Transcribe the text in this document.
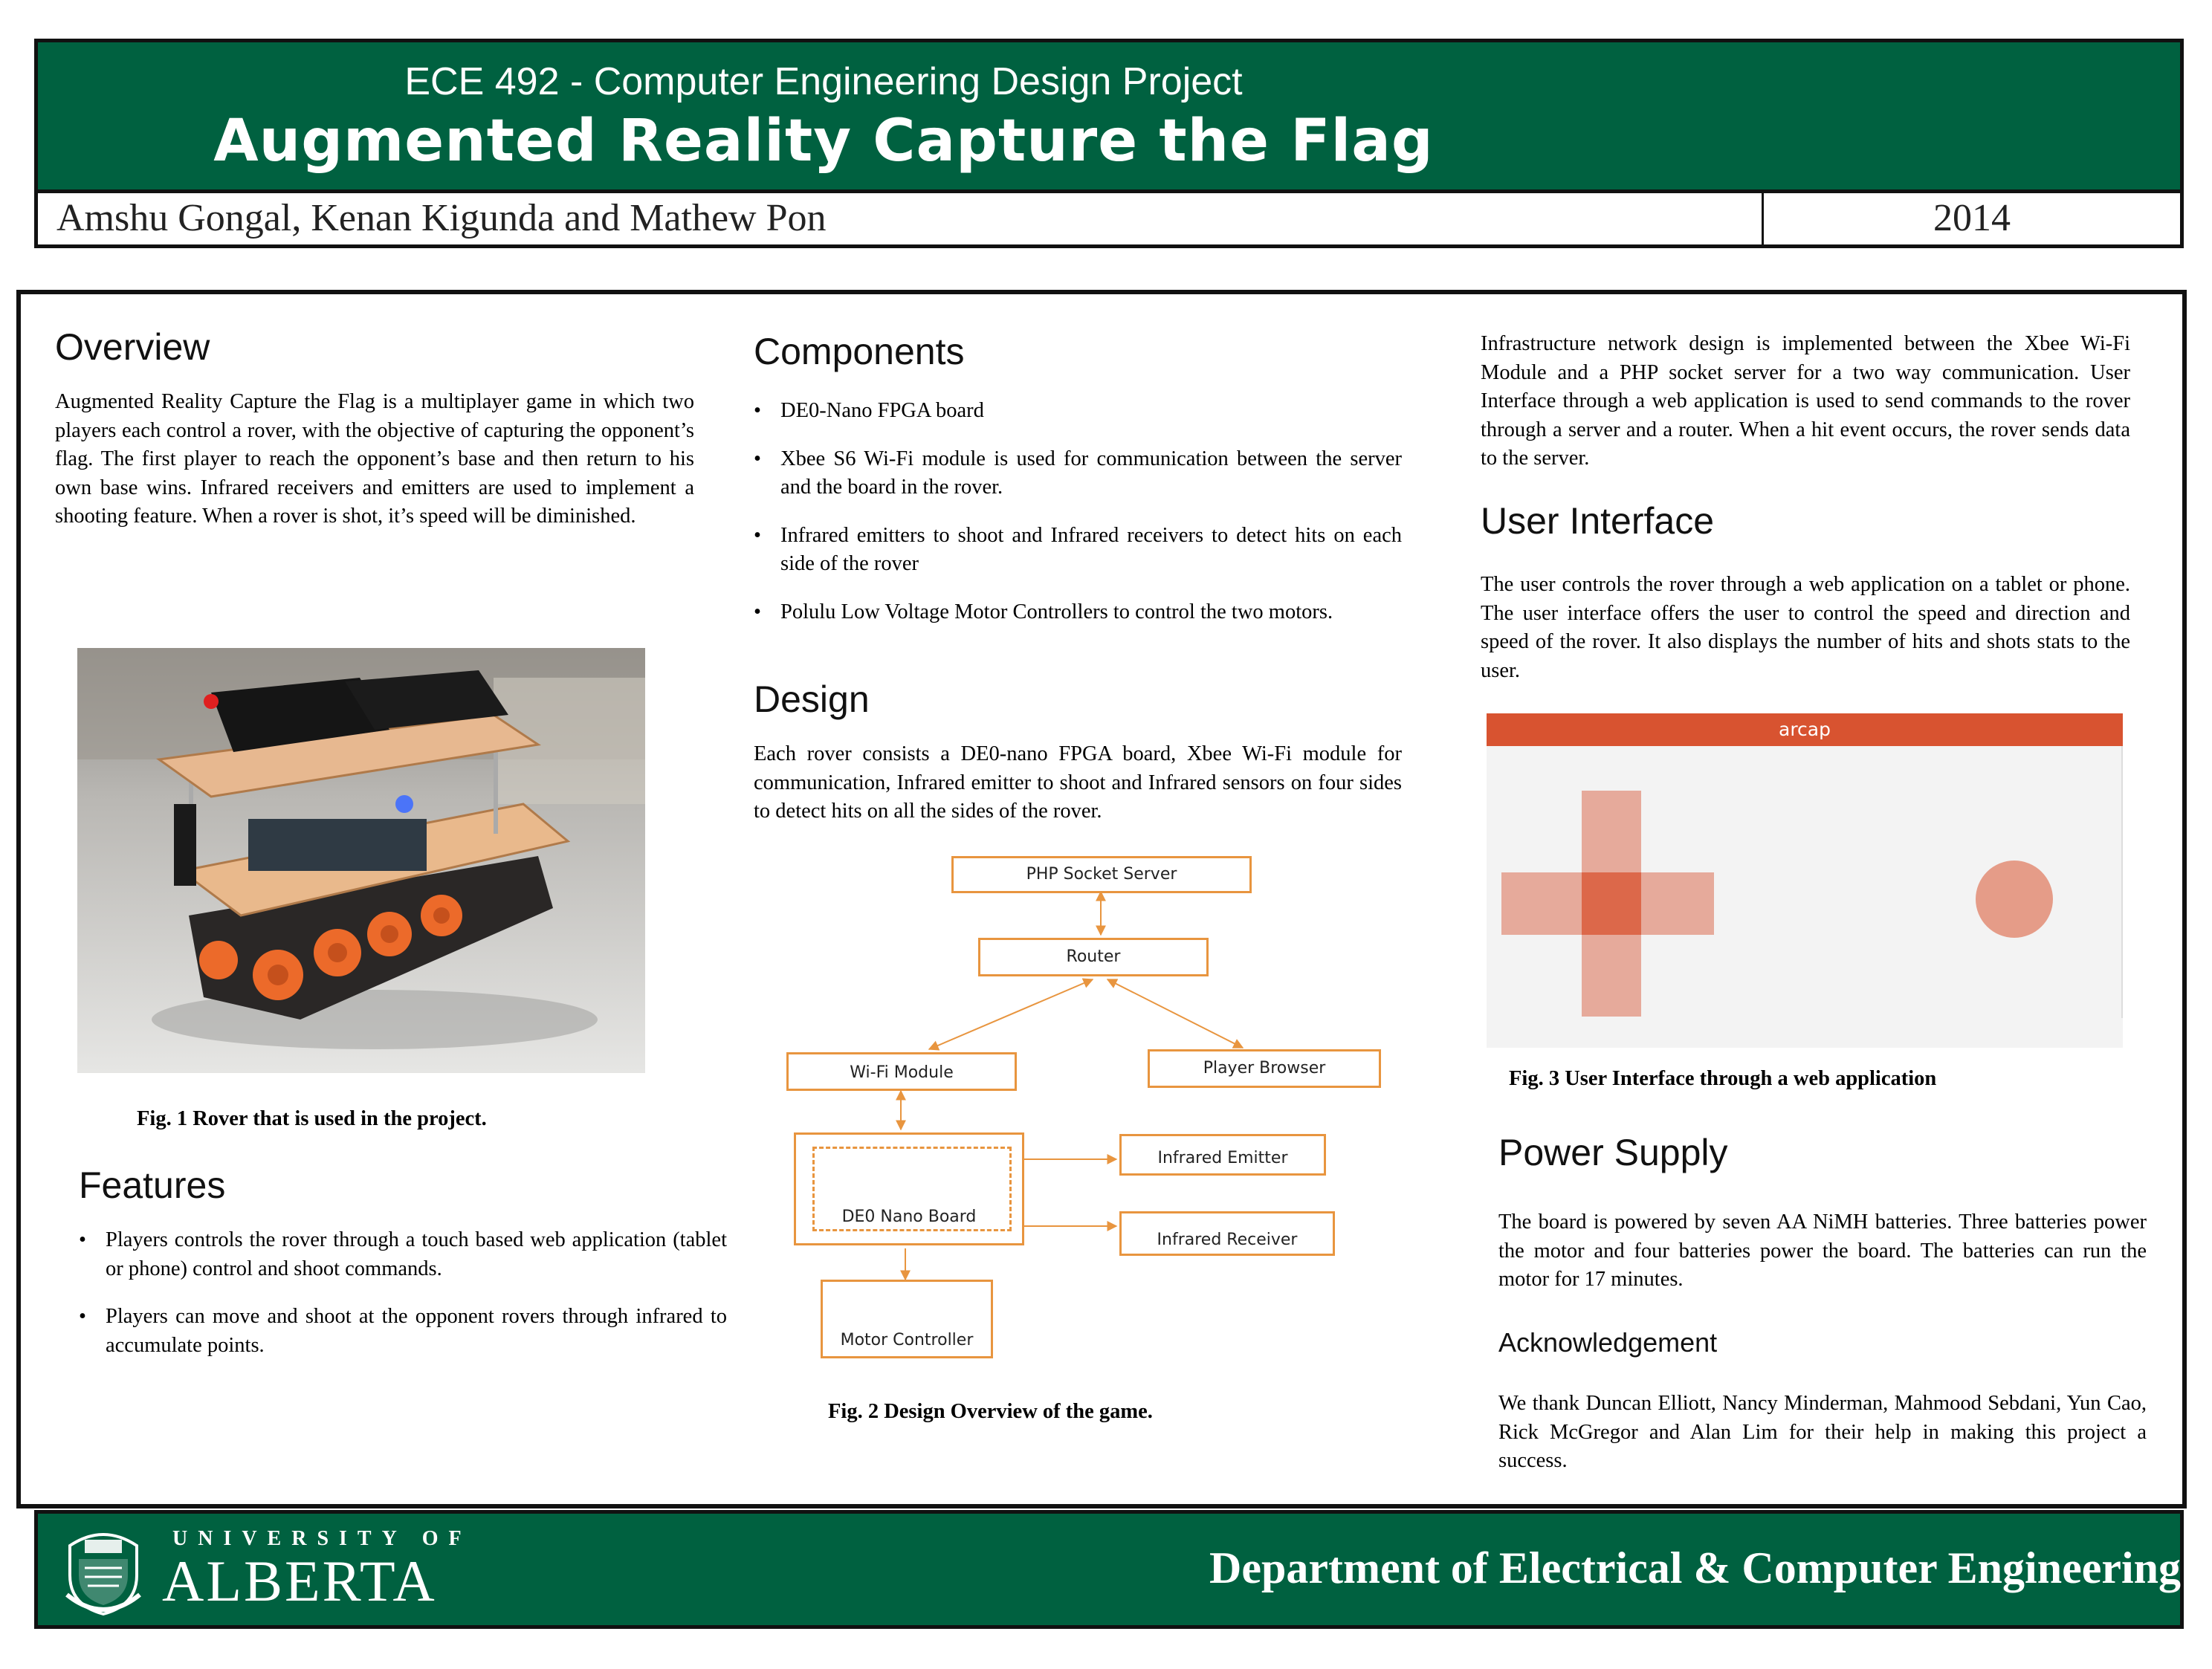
ECE 492 - Computer Engineering Design Project
Augmented Reality Capture the Flag
Amshu Gongal, Kenan Kigunda and Mathew Pon	2014
Overview
Augmented Reality Capture the Flag is a multiplayer game in which two players each control a rover, with the objective of capturing the opponent’s flag. The first player to reach the opponent’s base and then return to his own base wins. Infrared receivers and emitters are used to implement a shooting feature. When a rover is shot, it’s speed will be diminished.
Fig. 1 Rover that is used in the project.
Features
• Players controls the rover through a touch based web application (tablet or phone) control and shoot commands.
• Players can move and shoot at the opponent rovers through infrared to accumulate points.
Components
• DE0-Nano FPGA board
• Xbee S6 Wi-Fi module is used for communication between the server and the board in the rover.
• Infrared emitters to shoot and Infrared receivers to detect hits on each side of the rover
• Polulu Low Voltage Motor Controllers to control the two motors.
Design
Each rover consists a DE0-nano FPGA board, Xbee Wi-Fi module for communication, Infrared emitter to shoot and Infrared sensors on four sides to detect hits on all the sides of the rover.
PHP Socket Server
Router
Wi-Fi Module	Player Browser
DE0 Nano Board
Infrared Emitter
Infrared Receiver
Motor Controller
Fig. 2 Design Overview of the game.
Infrastructure network design is implemented between the Xbee Wi-Fi Module and a PHP socket server for a two way communication. User Interface through a web application is used to send commands to the rover through a server and a router. When a hit event occurs, the rover sends data to the server.
User Interface
The user controls the rover through a web application on a tablet or phone. The user interface offers the user to control the speed and direction and speed of the rover. It also displays the number of hits and shots stats to the user.
arcap
Fig. 3 User Interface through a web application
Power Supply
The board is powered by seven AA NiMH batteries. Three batteries power the motor and four batteries power the board. The batteries can run the motor for 17 minutes.
Acknowledgement
We thank Duncan Elliott, Nancy Minderman, Mahmood Sebdani, Yun Cao, Rick McGregor and Alan Lim for their help in making this project a success.
UNIVERSITY OF
ALBERTA	Department of Electrical & Computer Engineering
